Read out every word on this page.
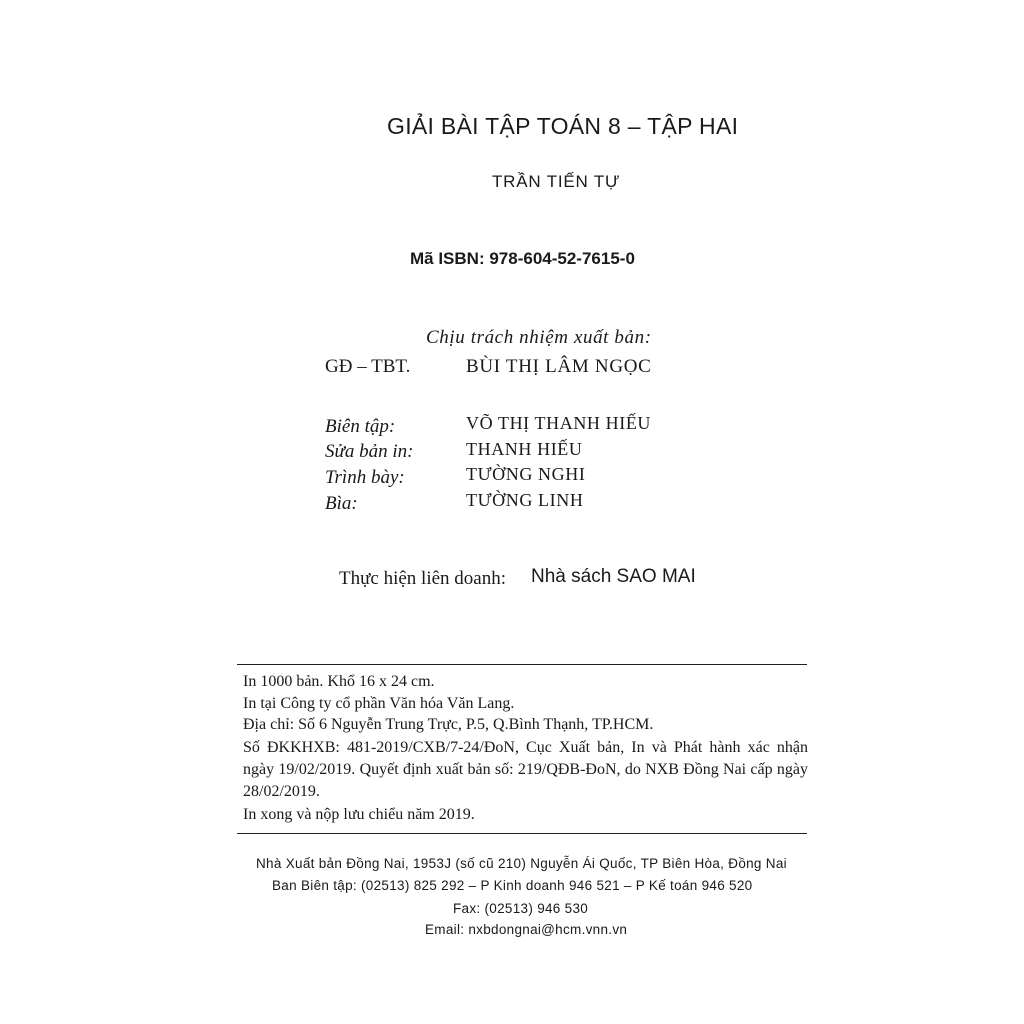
GIẢI BÀI TẬP TOÁN 8 – TẬP HAI
TRẦN TIẾN TỰ
Mã ISBN: 978-604-52-7615-0
Chịu trách nhiệm xuất bản:
GĐ – TBT.	BÙI THỊ LÂM NGỌC
Biên tập:	VÕ THỊ THANH HIẾU
Sửa bản in:	THANH HIẾU
Trình bày:	TƯỜNG NGHI
Bìa:	TƯỜNG LINH
Thực hiện liên doanh: Nhà sách SAO MAI
In 1000 bản. Khổ 16 x 24 cm.
In tại Công ty cổ phần Văn hóa Văn Lang.
Địa chỉ: Số 6 Nguyễn Trung Trực, P.5, Q.Bình Thạnh, TP.HCM.
Số ĐKKHXB: 481-2019/CXB/7-24/ĐoN, Cục Xuất bản, In và Phát hành xác nhận ngày 19/02/2019. Quyết định xuất bản số: 219/QĐB-ĐoN, do NXB Đồng Nai cấp ngày 28/02/2019.
In xong và nộp lưu chiểu năm 2019.
Nhà Xuất bản Đồng Nai, 1953J (số cũ 210) Nguyễn Ái Quốc, TP Biên Hòa, Đồng Nai
Ban Biên tập: (02513) 825 292 – P Kinh doanh 946 521 – P Kế toán 946 520
Fax: (02513) 946 530
Email: nxbdongnai@hcm.vnn.vn
